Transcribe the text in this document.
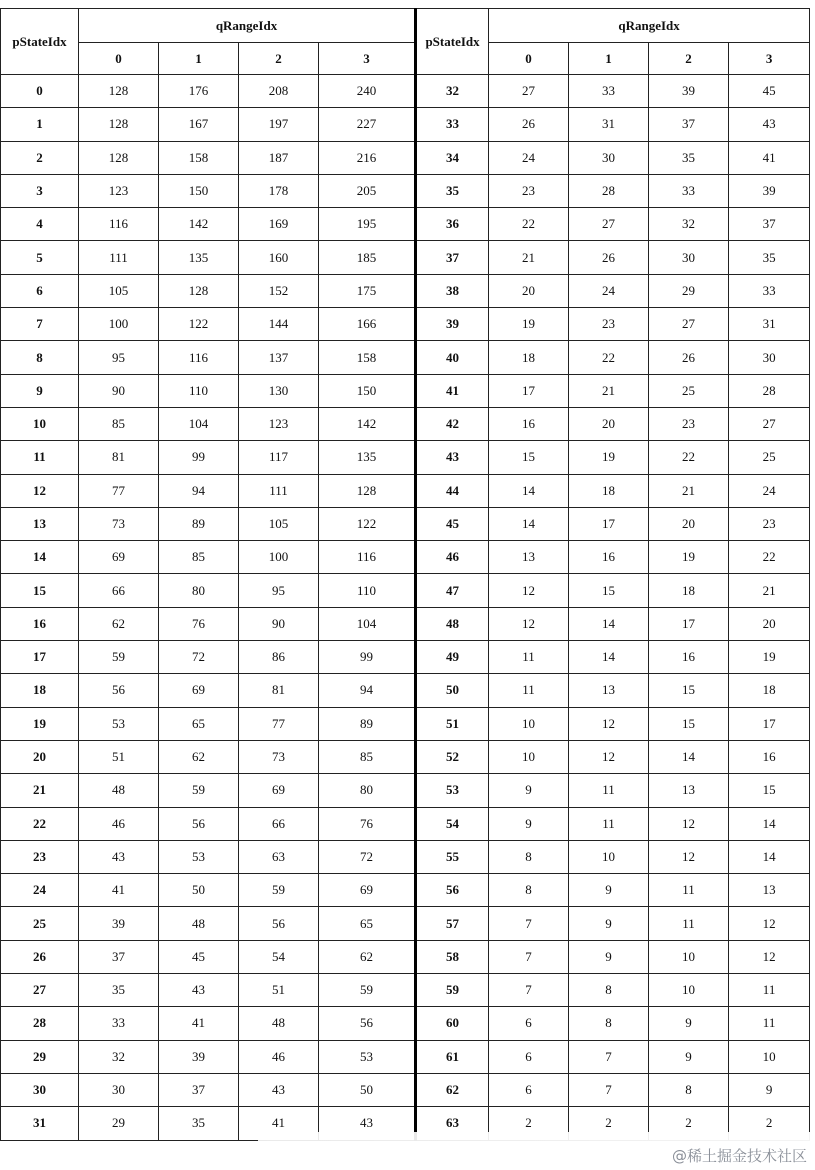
pStateIdx	qRangeIdx				pStateIdx	qRangeIdx			
	0	1	2	3		0	1	2	3
0	128	176	208	240	32	27	33	39	45
1	128	167	197	227	33	26	31	37	43
2	128	158	187	216	34	24	30	35	41
3	123	150	178	205	35	23	28	33	39
4	116	142	169	195	36	22	27	32	37
5	111	135	160	185	37	21	26	30	35
6	105	128	152	175	38	20	24	29	33
7	100	122	144	166	39	19	23	27	31
8	95	116	137	158	40	18	22	26	30
9	90	110	130	150	41	17	21	25	28
10	85	104	123	142	42	16	20	23	27
11	81	99	117	135	43	15	19	22	25
12	77	94	111	128	44	14	18	21	24
13	73	89	105	122	45	14	17	20	23
14	69	85	100	116	46	13	16	19	22
15	66	80	95	110	47	12	15	18	21
16	62	76	90	104	48	12	14	17	20
17	59	72	86	99	49	11	14	16	19
18	56	69	81	94	50	11	13	15	18
19	53	65	77	89	51	10	12	15	17
20	51	62	73	85	52	10	12	14	16
21	48	59	69	80	53	9	11	13	15
22	46	56	66	76	54	9	11	12	14
23	43	53	63	72	55	8	10	12	14
24	41	50	59	69	56	8	9	11	13
25	39	48	56	65	57	7	9	11	12
26	37	45	54	62	58	7	9	10	12
27	35	43	51	59	59	7	8	10	11
28	33	41	48	56	60	6	8	9	11
29	32	39	46	53	61	6	7	9	10
30	30	37	43	50	62	6	7	8	9
31	29	35	41	43	63	2	2	2	2
@稀土掘金技术社区
